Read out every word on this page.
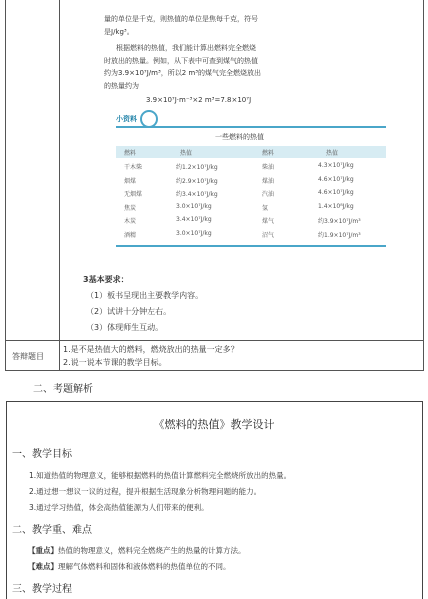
量的单位是千克，则热值的单位是焦每千克，符号
是J/kg³。
根据燃料的热值，我们能计算出燃料完全燃烧
时放出的热量。例如，从下表中可查到煤气的热值
约为3.9×10⁷J/m³，所以2 m³的煤气完全燃烧放出
的热量约为
3.9×10⁷J·m⁻³×2 m³=7.8×10⁷J
小资料
一些燃料的热值
燃料	热值	燃料	热值
干木柴	约1.2×10⁷J/kg	柴油	4.3×10⁷J/kg
烟煤	约2.9×10⁷J/kg	煤油	4.6×10⁷J/kg
无烟煤	约3.4×10⁷J/kg	汽油	4.6×10⁷J/kg
焦炭	3.0×10⁷J/kg	氢	1.4×10⁸J/kg
木炭	3.4×10⁷J/kg	煤气	约3.9×10⁷J/m³
酒精	3.0×10⁷J/kg	沼气	约1.9×10⁷J/m³
3基本要求：
（1）板书呈现出主要教学内容。
（2）试讲十分钟左右。
（3）体现师生互动。
答辩题目
1.是不是热值大的燃料，燃烧放出的热量一定多？
2.说一说本节课的教学目标。
二、考题解析
《燃料的热值》教学设计
一、教学目标
1.知道热值的物理意义，能够根据燃料的热值计算燃料完全燃烧所放出的热量。
2.通过想一想议一议的过程，提升根据生活现象分析物理问题的能力。
3.通过学习热值，体会高热值能源为人们带来的便利。
二、教学重、难点
【重点】热值的物理意义，燃料完全燃烧产生的热量的计算方法。
【难点】理解气体燃料和固体和液体燃料的热值单位的不同。
三、教学过程
